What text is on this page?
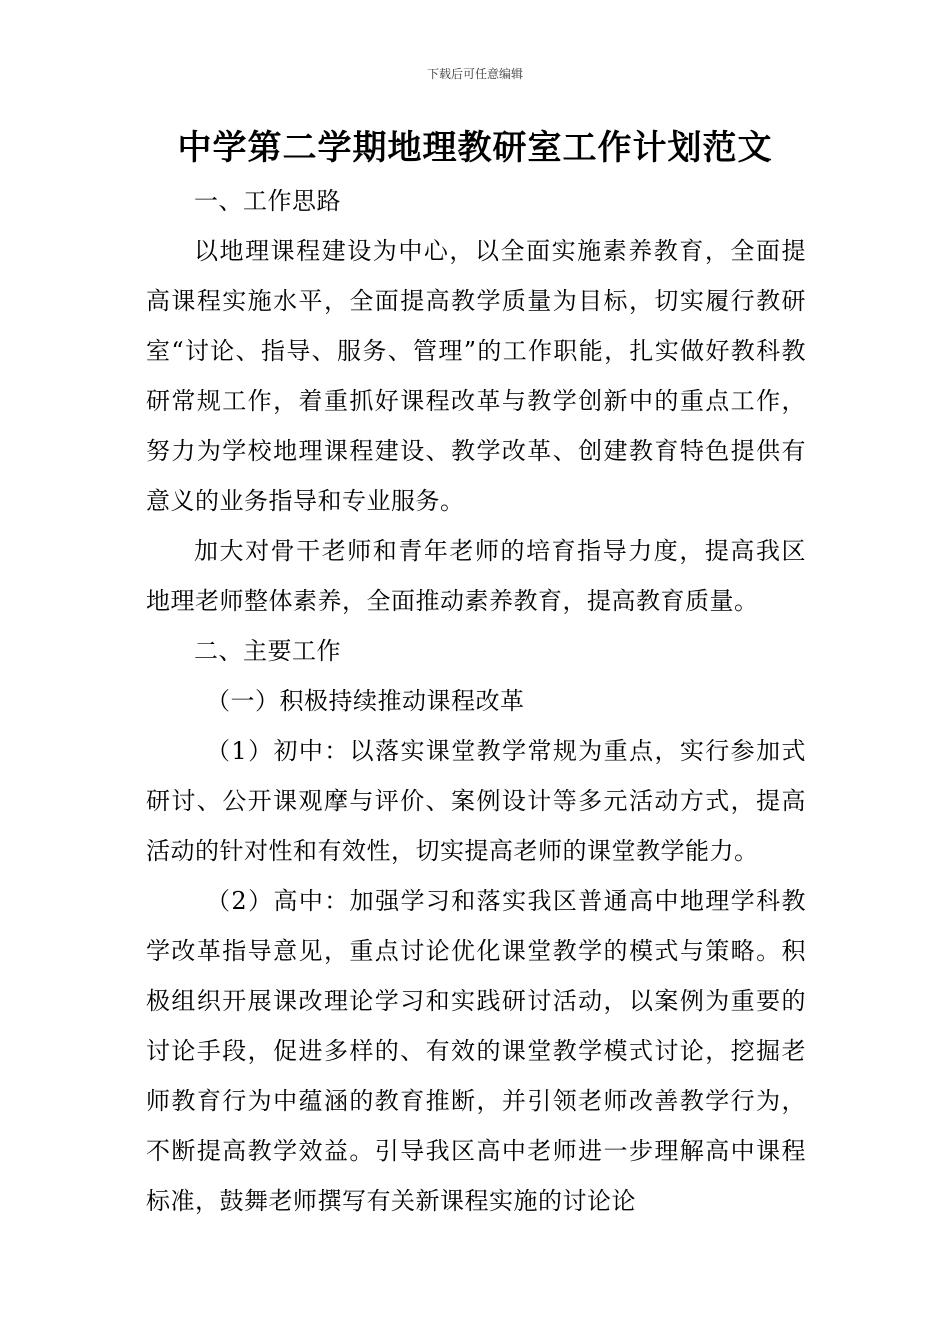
下载后可任意编辑
中学第二学期地理教研室工作计划范文

一、工作思路

以地理课程建设为中心，以全面实施素养教育，全面提高课程实施水平，全面提高教学质量为目标，切实履行教研室“讨论、指导、服务、管理”的工作职能，扎实做好教科教研常规工作，着重抓好课程改革与教学创新中的重点工作，努力为学校地理课程建设、教学改革、创建教育特色提供有意义的业务指导和专业服务。

加大对骨干老师和青年老师的培育指导力度，提高我区地理老师整体素养，全面推动素养教育，提高教育质量。

二、主要工作

（一）积极持续推动课程改革

（1）初中：以落实课堂教学常规为重点，实行参加式研讨、公开课观摩与评价、案例设计等多元活动方式，提高活动的针对性和有效性，切实提高老师的课堂教学能力。

（2）高中：加强学习和落实我区普通高中地理学科教学改革指导意见，重点讨论优化课堂教学的模式与策略。积极组织开展课改理论学习和实践研讨活动，以案例为重要的讨论手段，促进多样的、有效的课堂教学模式讨论，挖掘老师教育行为中蕴涵的教育推断，并引领老师改善教学行为，不断提高教学效益。引导我区高中老师进一步理解高中课程标准，鼓舞老师撰写有关新课程实施的讨论论
